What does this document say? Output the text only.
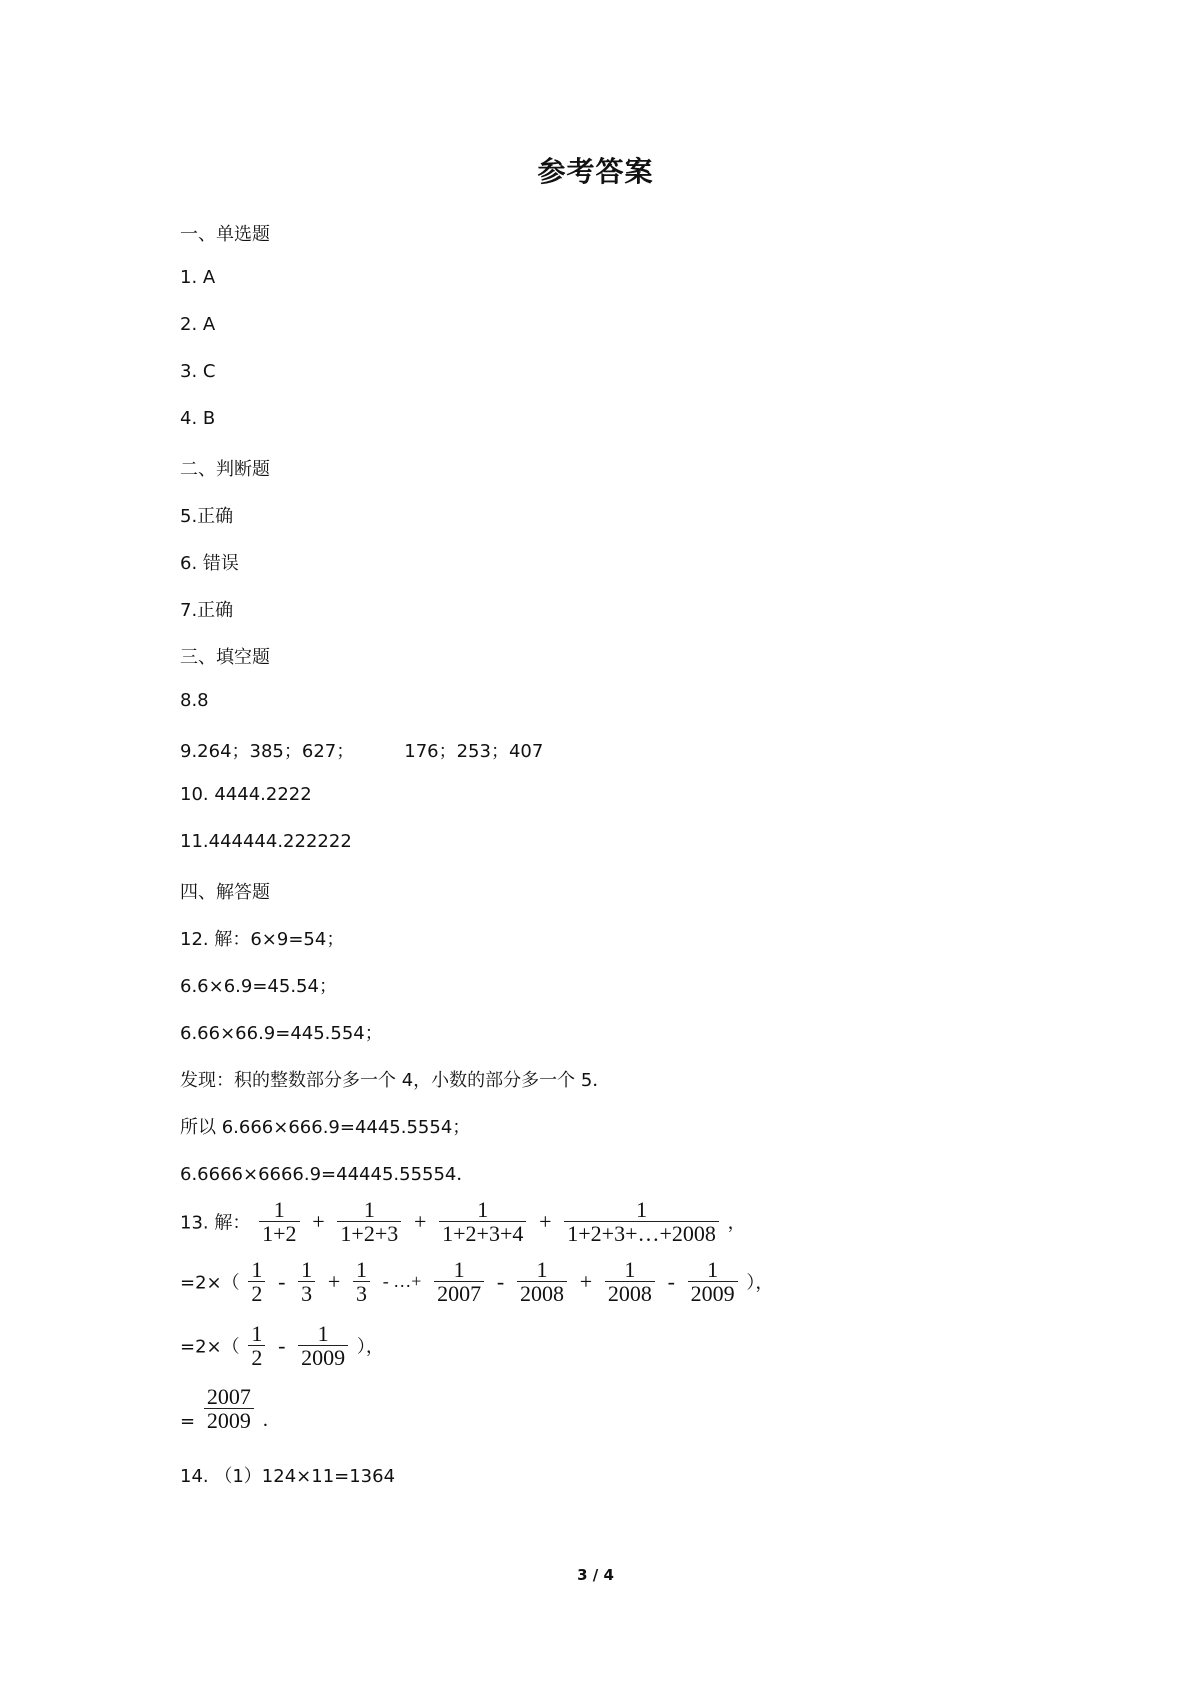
参考答案
一、单选题
1. A
2. A
3. C
4. B
二、判断题
5.正确
6. 错误
7.正确
三、填空题
8.8
9.264；385；627；	176；253；407
10. 4444.2222
11.444444.222222
四、解答题
12. 解：6×9=54；
6.6×6.9=45.54；
6.66×66.9=445.554；
发现：积的整数部分多一个 4，小数的部分多一个 5．
所以 6.666×666.9=4445.5554；
6.6666×6666.9=44445.55554．
13. 解： $\frac{1}{1+2} + \frac{1}{1+2+3} + \frac{1}{1+2+3+4} + \frac{1}{1+2+3+\dots+2008}$ ，
$=2\times( \frac{1}{2} - \frac{1}{3} + \frac{1}{3}$ - …+ $\frac{1}{2007} - \frac{1}{2008} + \frac{1}{2008} - \frac{1}{2009}$ ），
$=2\times( \frac{1}{2} - \frac{1}{2009}$ ），
= $\frac{2007}{2009}$ ．
14. （1）124×11=1364
3 / 4
